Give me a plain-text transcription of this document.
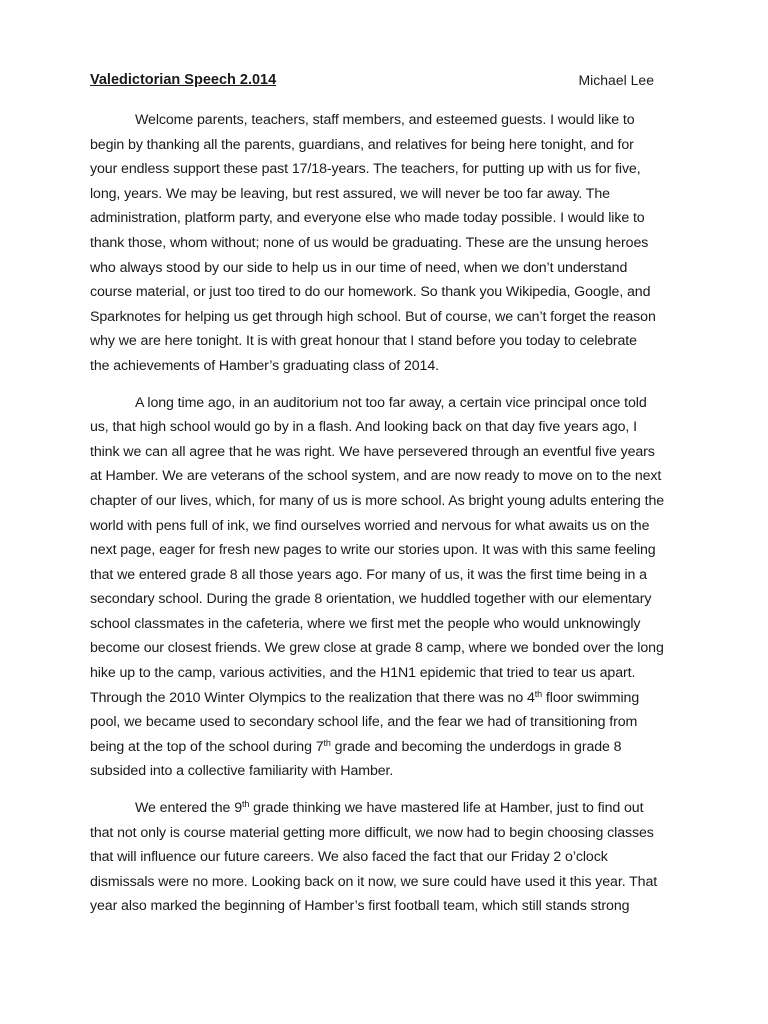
Valedictorian Speech 2.014	Michael Lee
Welcome parents, teachers, staff members, and esteemed guests. I would like to
begin by thanking all the parents, guardians, and relatives for being here tonight, and for
your endless support these past 17/18-years. The teachers, for putting up with us for five,
long, years. We may be leaving, but rest assured, we will never be too far away. The
administration, platform party, and everyone else who made today possible. I would like to
thank those, whom without; none of us would be graduating. These are the unsung heroes
who always stood by our side to help us in our time of need, when we don’t understand
course material, or just too tired to do our homework. So thank you Wikipedia, Google, and
Sparknotes for helping us get through high school. But of course, we can’t forget the reason
why we are here tonight. It is with great honour that I stand before you today to celebrate
the achievements of Hamber’s graduating class of 2014.
A long time ago, in an auditorium not too far away, a certain vice principal once told
us, that high school would go by in a flash. And looking back on that day five years ago, I
think we can all agree that he was right. We have persevered through an eventful five years
at Hamber. We are veterans of the school system, and are now ready to move on to the next
chapter of our lives, which, for many of us is more school. As bright young adults entering the
world with pens full of ink, we find ourselves worried and nervous for what awaits us on the
next page, eager for fresh new pages to write our stories upon. It was with this same feeling
that we entered grade 8 all those years ago. For many of us, it was the first time being in a
secondary school. During the grade 8 orientation, we huddled together with our elementary
school classmates in the cafeteria, where we first met the people who would unknowingly
become our closest friends. We grew close at grade 8 camp, where we bonded over the long
hike up to the camp, various activities, and the H1N1 epidemic that tried to tear us apart.
Through the 2010 Winter Olympics to the realization that there was no 4th floor swimming
pool, we became used to secondary school life, and the fear we had of transitioning from
being at the top of the school during 7th grade and becoming the underdogs in grade 8
subsided into a collective familiarity with Hamber.
We entered the 9th grade thinking we have mastered life at Hamber, just to find out
that not only is course material getting more difficult, we now had to begin choosing classes
that will influence our future careers. We also faced the fact that our Friday 2 o’clock
dismissals were no more. Looking back on it now, we sure could have used it this year. That
year also marked the beginning of Hamber’s first football team, which still stands strong
